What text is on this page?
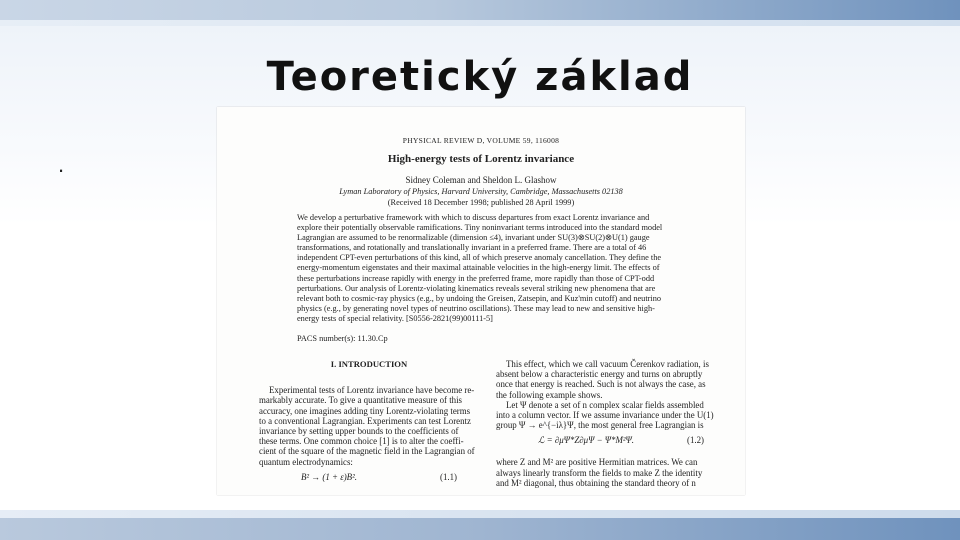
Teoretický základ
.
PHYSICAL REVIEW D, VOLUME 59, 116008
High-energy tests of Lorentz invariance
Sidney Coleman and Sheldon L. Glashow
Lyman Laboratory of Physics, Harvard University, Cambridge, Massachusetts 02138
(Received 18 December 1998; published 28 April 1999)
We develop a perturbative framework with which to discuss departures from exact Lorentz invariance and
explore their potentially observable ramifications. Tiny noninvariant terms introduced into the standard model
Lagrangian are assumed to be renormalizable (dimension ≤4), invariant under SU(3)⊗SU(2)⊗U(1) gauge
transformations, and rotationally and translationally invariant in a preferred frame. There are a total of 46
independent CPT-even perturbations of this kind, all of which preserve anomaly cancellation. They define the
energy-momentum eigenstates and their maximal attainable velocities in the high-energy limit. The effects of
these perturbations increase rapidly with energy in the preferred frame, more rapidly than those of CPT-odd
perturbations. Our analysis of Lorentz-violating kinematics reveals several striking new phenomena that are
relevant both to cosmic-ray physics (e.g., by undoing the Greisen, Zatsepin, and Kuz'min cutoff) and neutrino
physics (e.g., by generating novel types of neutrino oscillations). These may lead to new and sensitive high-
energy tests of special relativity. [S0556-2821(99)00111-5]
PACS number(s): 11.30.Cp
I. INTRODUCTION
Experimental tests of Lorentz invariance have become re-
markably accurate. To give a quantitative measure of this
accuracy, one imagines adding tiny Lorentz-violating terms
to a conventional Lagrangian. Experiments can test Lorentz
invariance by setting upper bounds to the coefficients of
these terms. One common choice [1] is to alter the coeffi-
cient of the square of the magnetic field in the Lagrangian of
quantum electrodynamics:
B² → (1 + ε)B².	(1.1)
This effect, which we call vacuum Čerenkov radiation, is
absent below a characteristic energy and turns on abruptly
once that energy is reached. Such is not always the case, as
the following example shows.
Let Ψ denote a set of n complex scalar fields assembled
into a column vector. If we assume invariance under the U(1)
group Ψ → e^{−iλ}Ψ, the most general free Lagrangian is
ℒ = ∂μΨ*Z∂μΨ − Ψ*M²Ψ.	(1.2)
where Z and M² are positive Hermitian matrices. We can
always linearly transform the fields to make Z the identity
and M² diagonal, thus obtaining the standard theory of n
